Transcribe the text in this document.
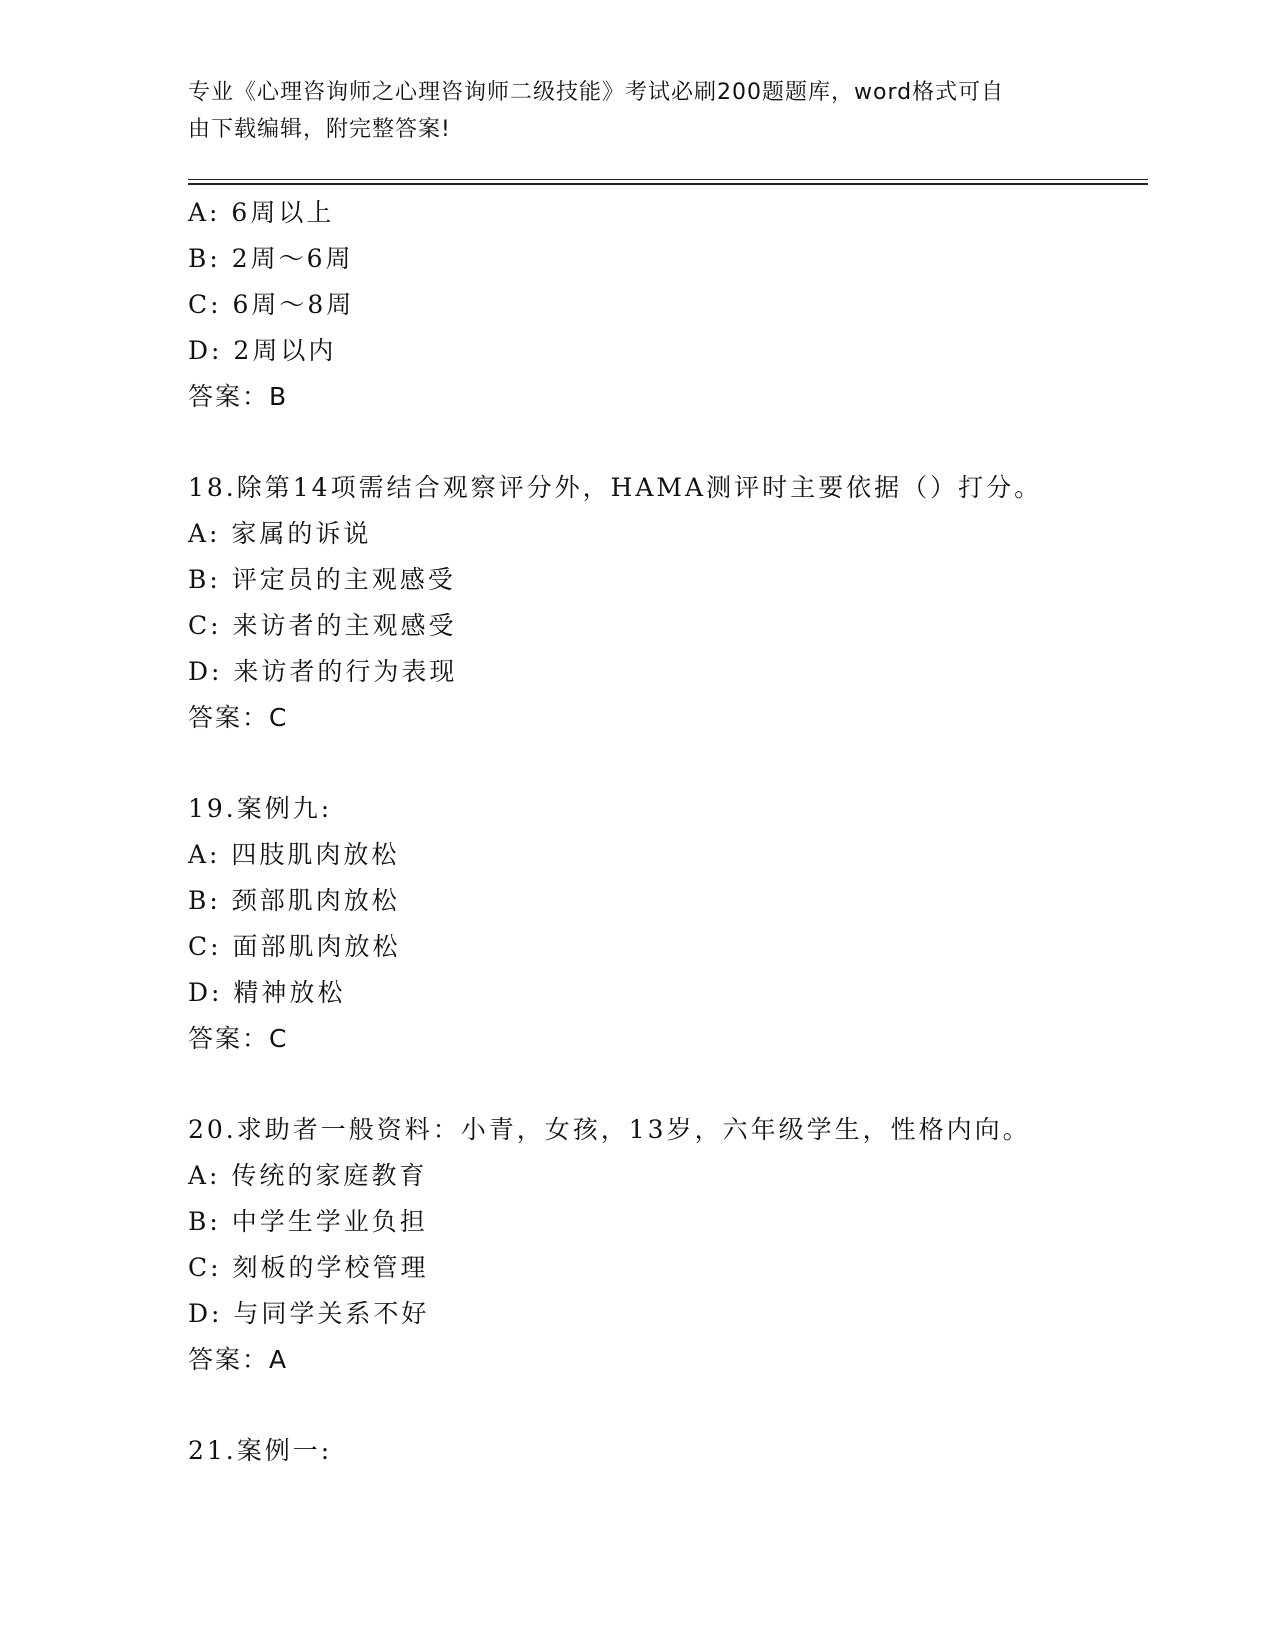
专业《心理咨询师之心理咨询师二级技能》考试必刷200题题库，word格式可自
由下载编辑，附完整答案!
A: 6周以上
B: 2周～6周
C: 6周～8周
D: 2周以内
答案：B
18.除第14项需结合观察评分外，HAMA测评时主要依据（）打分。
A: 家属的诉说
B: 评定员的主观感受
C: 来访者的主观感受
D: 来访者的行为表现
答案：C
19.案例九:
A: 四肢肌肉放松
B: 颈部肌肉放松
C: 面部肌肉放松
D: 精神放松
答案：C
20.求助者一般资料：小青，女孩，13岁，六年级学生，性格内向。
A: 传统的家庭教育
B: 中学生学业负担
C: 刻板的学校管理
D: 与同学关系不好
答案：A
21.案例一:
